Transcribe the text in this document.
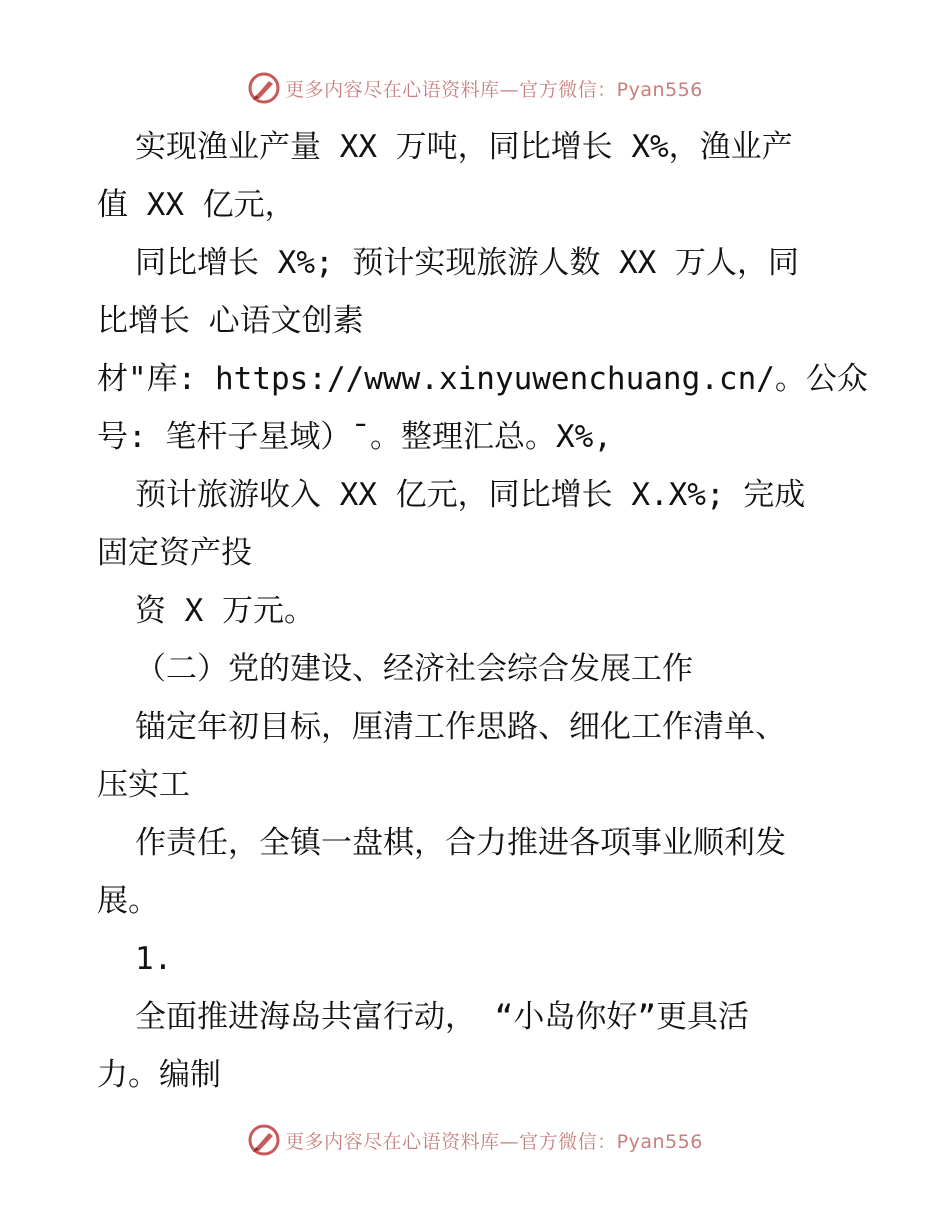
更多内容尽在心语资料库—官方微信：Pyan556
实现渔业产量 XX 万吨，同比增长 X%，渔业产
值 XX 亿元，
同比增长 X%; 预计实现旅游人数 XX 万人，同
比增长 心语文创素
材"库: https://www.xinyuwenchuang.cn/。公众
号: 笔杆子星域）¯。整理汇总。X%,
预计旅游收入 XX 亿元，同比增长 X.X%; 完成
固定资产投
资 X 万元。
（二）党的建设、经济社会综合发展工作
锚定年初目标，厘清工作思路、细化工作清单、
压实工
作责任，全镇一盘棋，合力推进各项事业顺利发
展。
1.
全面推进海岛共富行动， “小岛你好”更具活
力。编制
更多内容尽在心语资料库—官方微信：Pyan556
